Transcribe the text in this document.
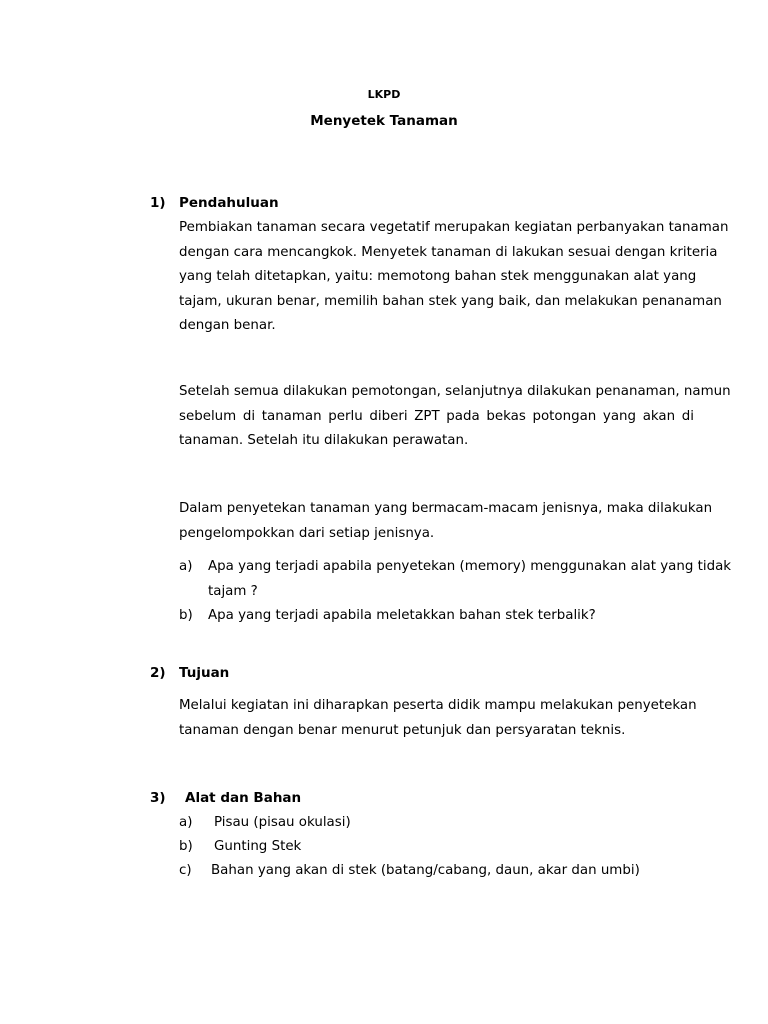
LKPD
Menyetek Tanaman
1) Pendahuluan
Pembiakan tanaman secara vegetatif merupakan kegiatan perbanyakan tanaman
dengan cara mencangkok. Menyetek tanaman di lakukan sesuai dengan kriteria
yang telah ditetapkan, yaitu: memotong bahan stek menggunakan alat yang
tajam, ukuran benar, memilih bahan stek yang baik, dan melakukan penanaman
dengan benar.
Setelah semua dilakukan pemotongan, selanjutnya dilakukan penanaman, namun
sebelum di tanaman perlu diberi ZPT pada bekas potongan yang akan di
tanaman. Setelah itu dilakukan perawatan.
Dalam penyetekan tanaman yang bermacam-macam jenisnya, maka dilakukan
pengelompokkan dari setiap jenisnya.
a) Apa yang terjadi apabila penyetekan (memory) menggunakan alat yang tidak
tajam ?
b) Apa yang terjadi apabila meletakkan bahan stek terbalik?
2) Tujuan
Melalui kegiatan ini diharapkan peserta didik mampu melakukan penyetekan
tanaman dengan benar menurut petunjuk dan persyaratan teknis.
3) Alat dan Bahan
a) Pisau (pisau okulasi)
b) Gunting Stek
c) Bahan yang akan di stek (batang/cabang, daun, akar dan umbi)
